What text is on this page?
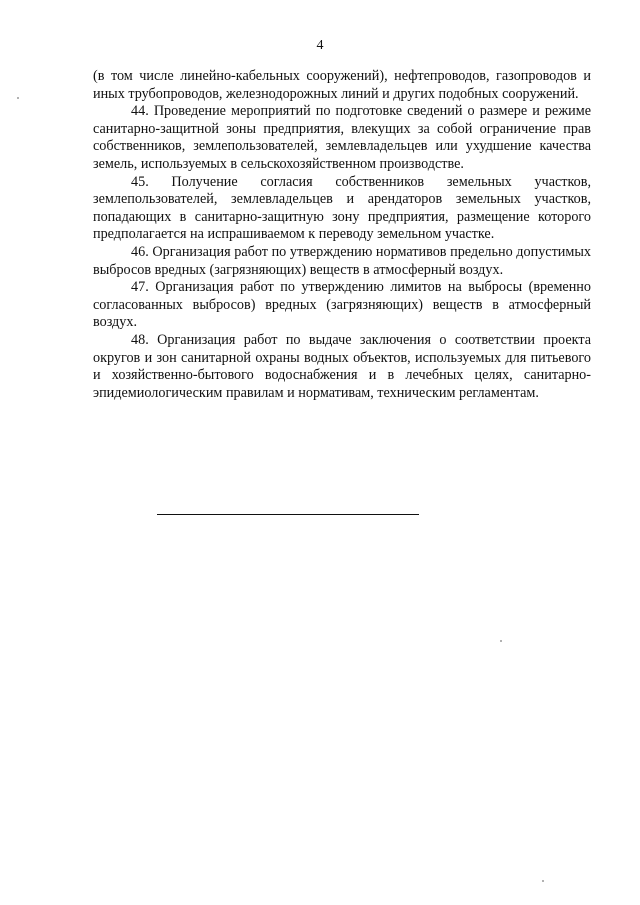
4

(в том числе линейно-кабельных сооружений), нефтепроводов, газопроводов и иных трубопроводов, железнодорожных линий и других подобных сооружений.

44. Проведение мероприятий по подготовке сведений о размере и режиме санитарно-защитной зоны предприятия, влекущих за собой ограничение прав собственников, землепользователей, землевладельцев или ухудшение качества земель, используемых в сельскохозяйственном производстве.

45. Получение согласия собственников земельных участков, землепользователей, землевладельцев и арендаторов земельных участков, попадающих в санитарно-защитную зону предприятия, размещение которого предполагается на испрашиваемом к переводу земельном участке.

46. Организация работ по утверждению нормативов предельно допустимых выбросов вредных (загрязняющих) веществ в атмосферный воздух.

47. Организация работ по утверждению лимитов на выбросы (временно согласованных выбросов) вредных (загрязняющих) веществ в атмосферный воздух.

48. Организация работ по выдаче заключения о соответствии проекта округов и зон санитарной охраны водных объектов, используемых для питьевого и хозяйственно-бытового водоснабжения и в лечебных целях, санитарно-эпидемиологическим правилам и нормативам, техническим регламентам.
